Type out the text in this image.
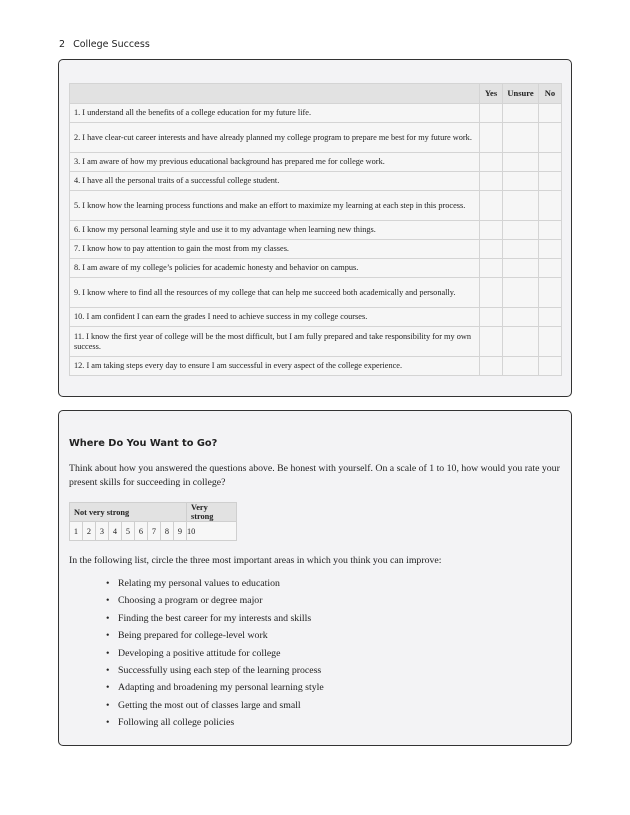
2 College Success
	Yes	Unsure	No
1. I understand all the benefits of a college education for my future life.			
2. I have clear-cut career interests and have already planned my college program to prepare me best for my future work.			
3. I am aware of how my previous educational background has prepared me for college work.			
4. I have all the personal traits of a successful college student.			
5. I know how the learning process functions and make an effort to maximize my learning at each step in this process.			
6. I know my personal learning style and use it to my advantage when learning new things.			
7. I know how to pay attention to gain the most from my classes.			
8. I am aware of my college’s policies for academic honesty and behavior on campus.			
9. I know where to find all the resources of my college that can help me succeed both academically and personally.			
10. I am confident I can earn the grades I need to achieve success in my college courses.			
11. I know the first year of college will be the most difficult, but I am fully prepared and take responsibility for my own success.			
12. I am taking steps every day to ensure I am successful in every aspect of the college experience.			
Where Do You Want to Go?

Think about how you answered the questions above. Be honest with yourself. On a scale of 1 to 10, how would you rate your present skills for succeeding in college?

Not very strong									Very strong
1	2	3	4	5	6	7	8	9	10

In the following list, circle the three most important areas in which you think you can improve:

• Relating my personal values to education
• Choosing a program or degree major
• Finding the best career for my interests and skills
• Being prepared for college-level work
• Developing a positive attitude for college
• Successfully using each step of the learning process
• Adapting and broadening my personal learning style
• Getting the most out of classes large and small
• Following all college policies
